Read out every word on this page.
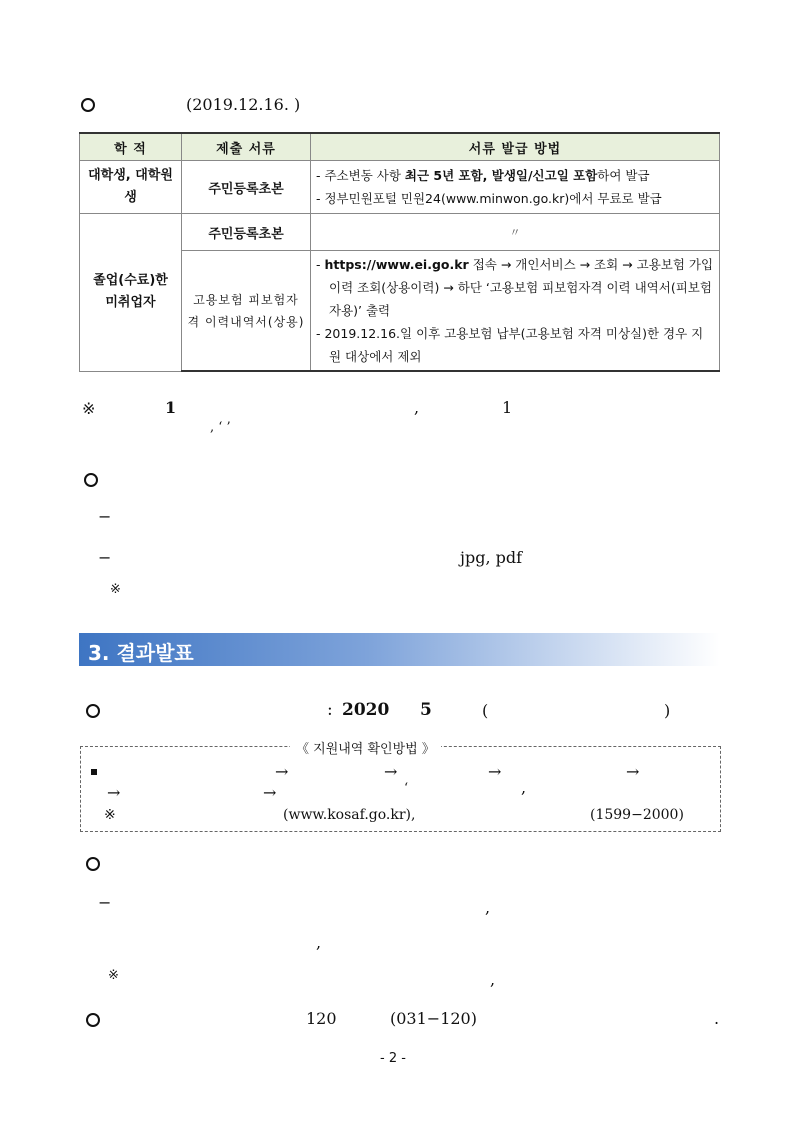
(2019.12.16. )
학 적	제출 서류	서류 발급 방법
대학생, 대학원생	주민등록초본	- 주소변동 사항 최근 5년 포함, 발생일/신고일 포함하여 발급
- 정부민원포털 민원24(www.minwon.go.kr)에서 무료로 발급

졸업(수료)한 미취업자	주민등록초본	〃
	고용보험 피보험자격 이력내역서(상용)	- https://www.ei.go.kr 접속 → 개인서비스 → 조회 → 고용보험 가입이력 조회(상용이력) → 하단 ‘고용보험 피보험자격 이력 내역서(피보험자용)’ 출력
- 2019.12.16.일 이후 고용보험 납부(고용보험 자격 미상실)한 경우 지원 대상에서 제외
※	1	,	1
, ‘ ’
−
−	jpg, pdf
※
3. 결과발표
: 2020 5	(	)
《 지원내역 확인방법 》
→	→	→	→
→	→	‘	,
※	(www.kosaf.go.kr),	(1599−2000)
−	,
,
※	,
120	(031−120)	.
- 2 -
